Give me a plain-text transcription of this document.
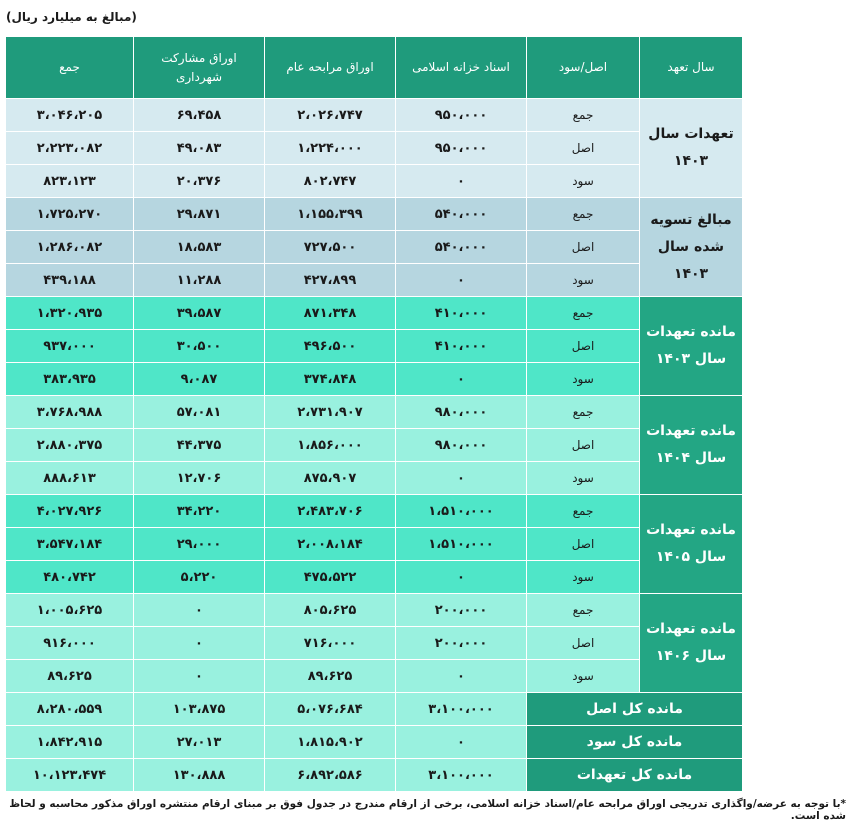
(مبالغ به میلیارد ریال)
سال تعهد	اصل/سود	اسناد خزانه اسلامی	اوراق مرابحه عام	اوراق مشارکت شهرداری	جمع
تعهدات سال ۱۴۰۳	جمع	۹۵۰،۰۰۰	۲،۰۲۶،۷۴۷	۶۹،۴۵۸	۳،۰۴۶،۲۰۵
	اصل	۹۵۰،۰۰۰	۱،۲۲۴،۰۰۰	۴۹،۰۸۳	۲،۲۲۳،۰۸۲
	سود	۰	۸۰۲،۷۴۷	۲۰،۳۷۶	۸۲۳،۱۲۳
مبالغ تسویه شده سال ۱۴۰۳	جمع	۵۴۰،۰۰۰	۱،۱۵۵،۳۹۹	۲۹،۸۷۱	۱،۷۲۵،۲۷۰
	اصل	۵۴۰،۰۰۰	۷۲۷،۵۰۰	۱۸،۵۸۳	۱،۲۸۶،۰۸۲
	سود	۰	۴۲۷،۸۹۹	۱۱،۲۸۸	۴۳۹،۱۸۸
مانده تعهدات سال ۱۴۰۳	جمع	۴۱۰،۰۰۰	۸۷۱،۳۴۸	۳۹،۵۸۷	۱،۳۲۰،۹۳۵
	اصل	۴۱۰،۰۰۰	۴۹۶،۵۰۰	۳۰،۵۰۰	۹۳۷،۰۰۰
	سود	۰	۳۷۴،۸۴۸	۹،۰۸۷	۳۸۳،۹۳۵
مانده تعهدات سال ۱۴۰۴	جمع	۹۸۰،۰۰۰	۲،۷۳۱،۹۰۷	۵۷،۰۸۱	۳،۷۶۸،۹۸۸
	اصل	۹۸۰،۰۰۰	۱،۸۵۶،۰۰۰	۴۴،۳۷۵	۲،۸۸۰،۳۷۵
	سود	۰	۸۷۵،۹۰۷	۱۲،۷۰۶	۸۸۸،۶۱۳
مانده تعهدات سال ۱۴۰۵	جمع	۱،۵۱۰،۰۰۰	۲،۴۸۳،۷۰۶	۳۴،۲۲۰	۴،۰۲۷،۹۲۶
	اصل	۱،۵۱۰،۰۰۰	۲،۰۰۸،۱۸۴	۲۹،۰۰۰	۳،۵۴۷،۱۸۴
	سود	۰	۴۷۵،۵۲۲	۵،۲۲۰	۴۸۰،۷۴۲
مانده تعهدات سال ۱۴۰۶	جمع	۲۰۰،۰۰۰	۸۰۵،۶۲۵	۰	۱،۰۰۵،۶۲۵
	اصل	۲۰۰،۰۰۰	۷۱۶،۰۰۰	۰	۹۱۶،۰۰۰
	سود	۰	۸۹،۶۲۵	۰	۸۹،۶۲۵
مانده کل اصل		۳،۱۰۰،۰۰۰	۵،۰۷۶،۶۸۴	۱۰۳،۸۷۵	۸،۲۸۰،۵۵۹
مانده کل سود		۰	۱،۸۱۵،۹۰۲	۲۷،۰۱۳	۱،۸۴۲،۹۱۵
مانده کل تعهدات		۳،۱۰۰،۰۰۰	۶،۸۹۲،۵۸۶	۱۳۰،۸۸۸	۱۰،۱۲۳،۴۷۴
*با توجه به عرضه/واگذاری تدریجی اوراق مرابحه عام/اسناد خزانه اسلامی، برخی از ارقام مندرج در جدول فوق بر مبنای ارقام منتشره اوراق مذکور محاسبه و لحاظ شده است.
